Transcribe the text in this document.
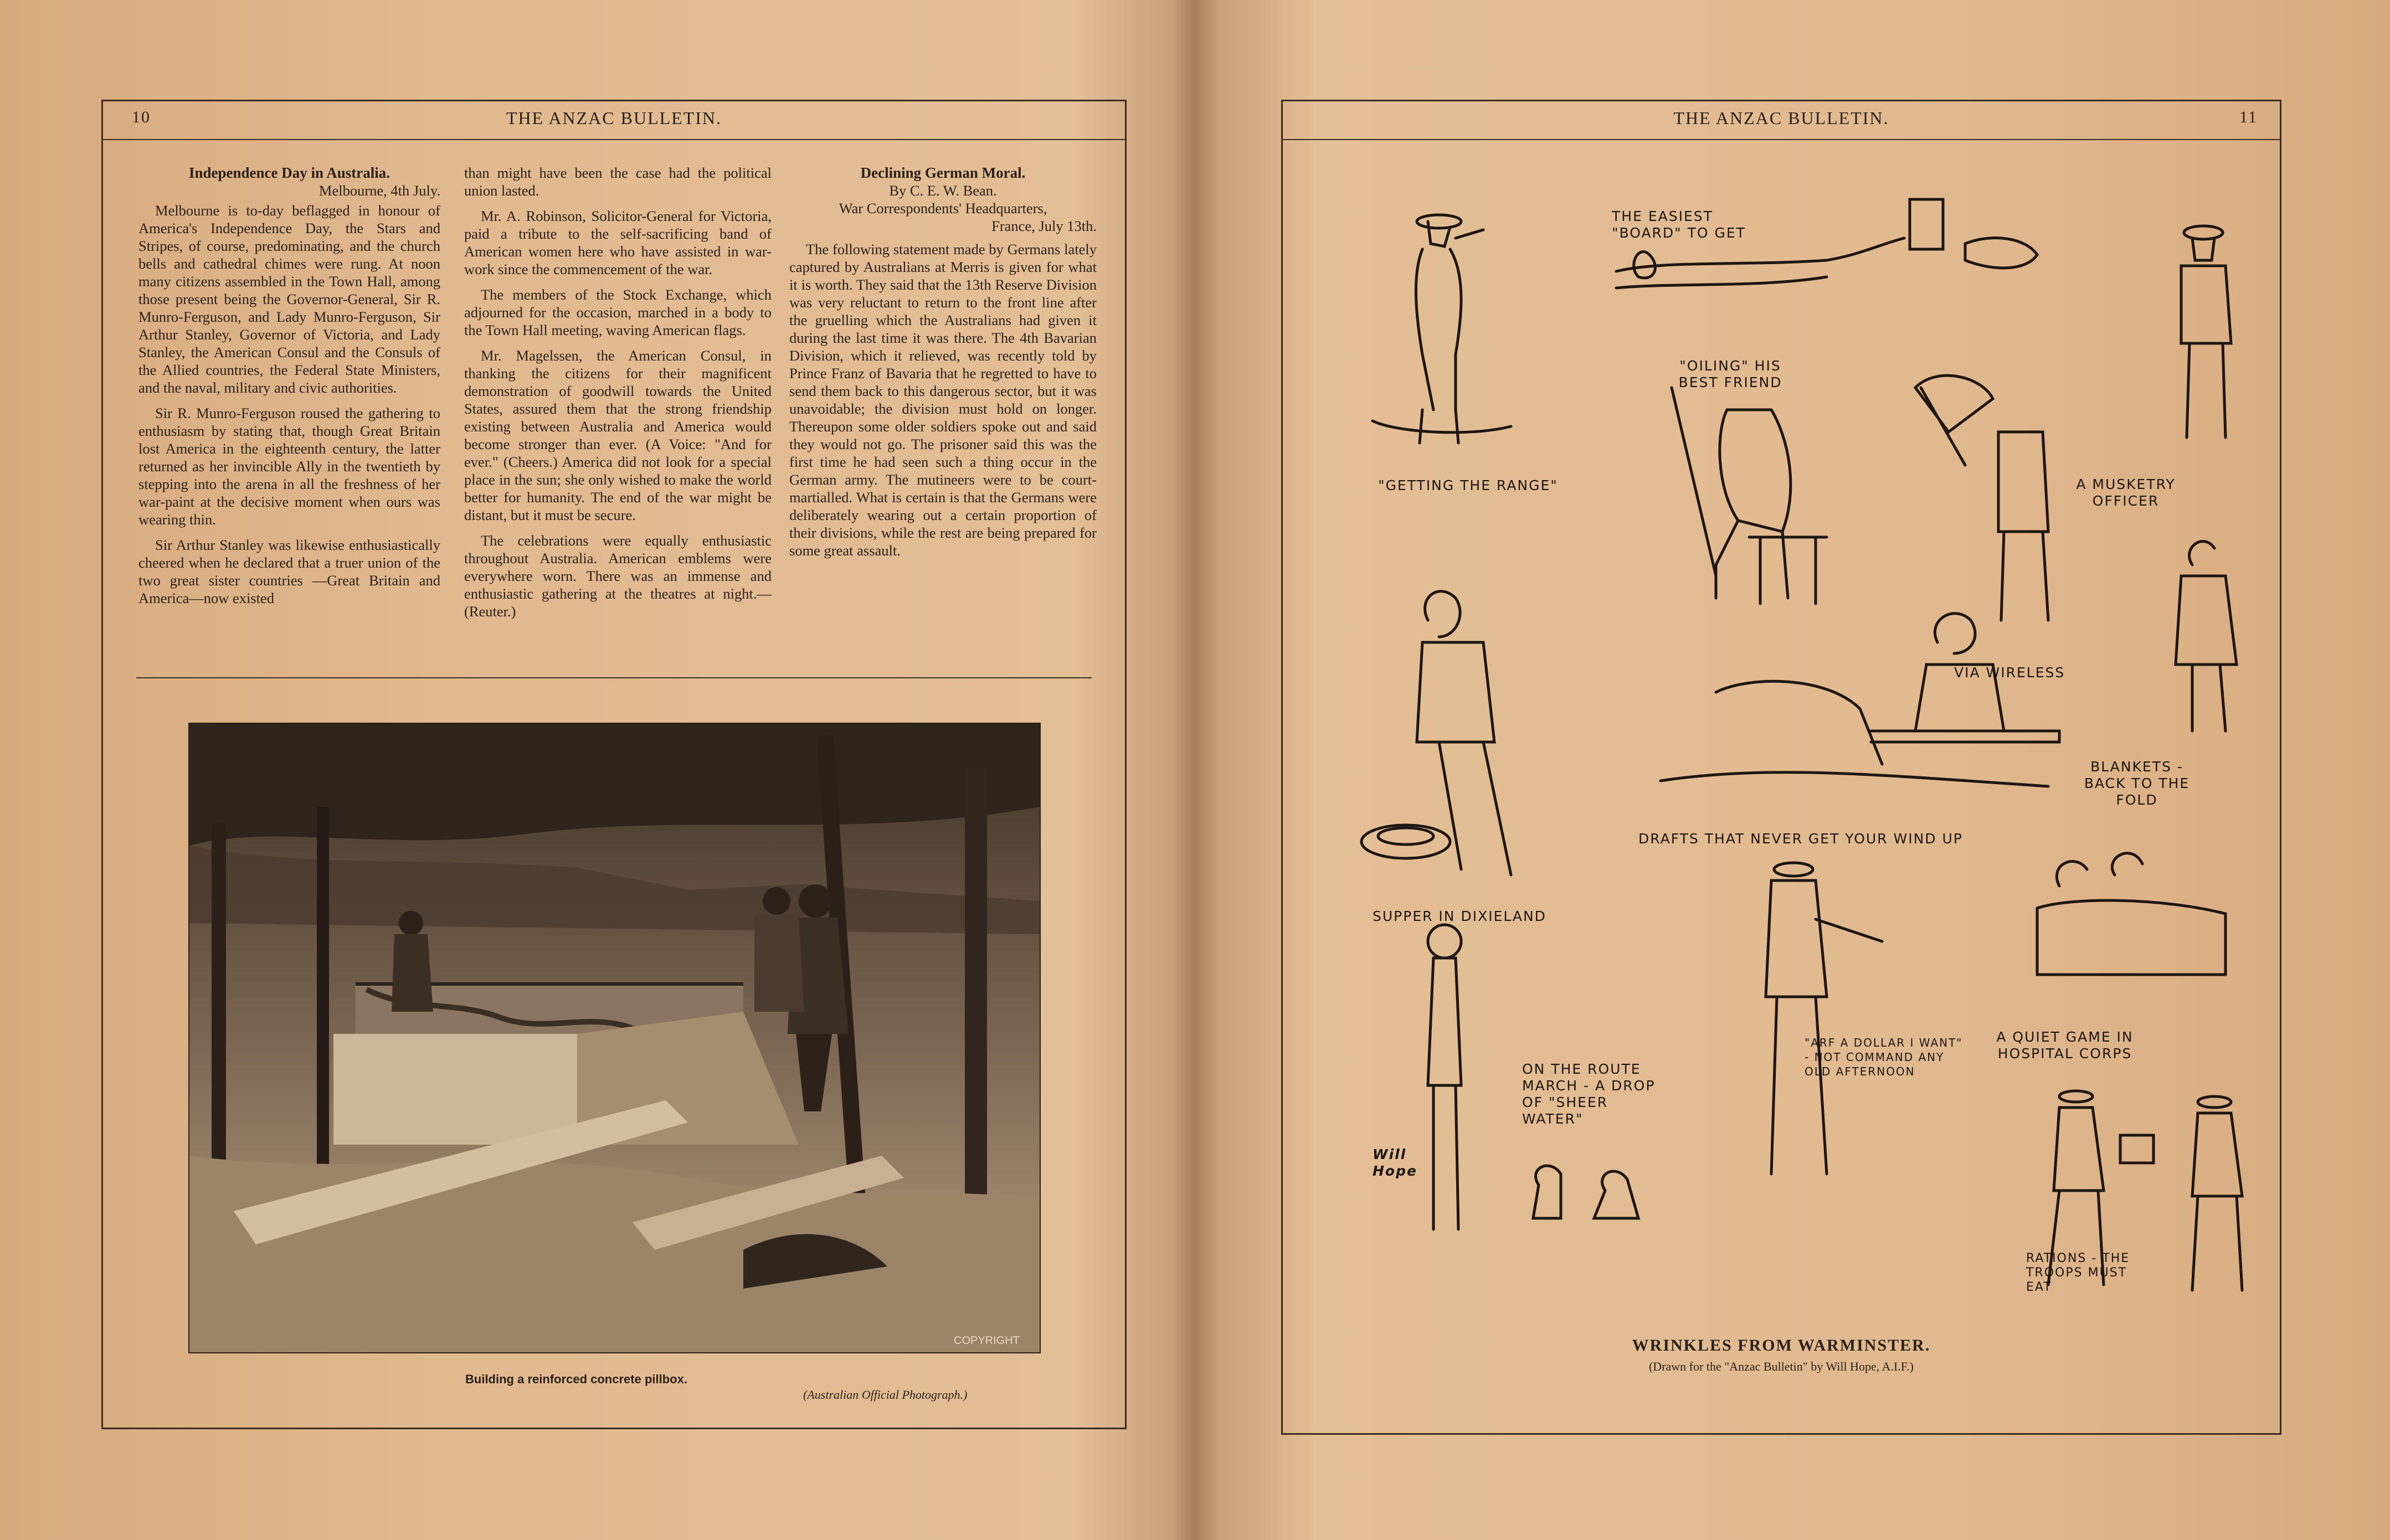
10	THE ANZAC BULLETIN.
Independence Day in Australia.
Melbourne, 4th July.

Melbourne is to-day beflagged in honour of America's Independence Day, the Stars and Stripes, of course, predominating, and the church bells and cathedral chimes were rung. At noon many citizens assembled in the Town Hall, among those present being the Governor-General, Sir R. Munro-Ferguson, and Lady Munro-Ferguson, Sir Arthur Stanley, Governor of Victoria, and Lady Stanley, the American Consul and the Consuls of the Allied countries, the Federal State Ministers, and the naval, military and civic authorities.

Sir R. Munro-Ferguson roused the gathering to enthusiasm by stating that, though Great Britain lost America in the eighteenth century, the latter returned as her invincible Ally in the twentieth by stepping into the arena in all the freshness of her war-paint at the decisive moment when ours was wearing thin.

Sir Arthur Stanley was likewise enthusiastically cheered when he declared that a truer union of the two great sister countries —Great Britain and America—now existed

than might have been the case had the political union lasted.

Mr. A. Robinson, Solicitor-General for Victoria, paid a tribute to the self-sacrificing band of American women here who have assisted in war-work since the commencement of the war.

The members of the Stock Exchange, which adjourned for the occasion, marched in a body to the Town Hall meeting, waving American flags.

Mr. Magelssen, the American Consul, in thanking the citizens for their magnificent demonstration of goodwill towards the United States, assured them that the strong friendship existing between Australia and America would become stronger than ever. (A Voice: "And for ever." (Cheers.) America did not look for a special place in the sun; she only wished to make the world better for humanity. The end of the war might be distant, but it must be secure.

The celebrations were equally enthusiastic throughout Australia. American emblems were everywhere worn. There was an immense and enthusiastic gathering at the theatres at night.—(Reuter.)

Declining German Moral.
By C. E. W. Bean.
War Correspondents' Headquarters,
France, July 13th.

The following statement made by Germans lately captured by Australians at Merris is given for what it is worth. They said that the 13th Reserve Division was very reluctant to return to the front line after the gruelling which the Australians had given it during the last time it was there. The 4th Bavarian Division, which it relieved, was recently told by Prince Franz of Bavaria that he regretted to have to send them back to this dangerous sector, but it was unavoidable; the division must hold on longer. Thereupon some older soldiers spoke out and said they would not go. The prisoner said this was the first time he had seen such a thing occur in the German army. The mutineers were to be court-martialled. What is certain is that the Germans were deliberately wearing out a certain proportion of their divisions, while the rest are being prepared for some great assault.

COPYRIGHT
Building a reinforced concrete pillbox.
(Australian Official Photograph.)
THE ANZAC BULLETIN.	11
WRINKLES FROM WARMINSTER.
(Drawn for the "Anzac Bulletin" by Will Hope, A.I.F.)
THE EASIEST "BOARD" TO GET
"GETTING THE RANGE"
"OILING" HIS BEST FRIEND
A MUSKETRY OFFICER
VIA WIRELESS
BLANKETS - BACK TO THE FOLD
DRAFTS THAT NEVER GET YOUR WIND UP
SUPPER IN DIXIELAND
A QUIET GAME IN HOSPITAL CORPS
ON THE ROUTE MARCH - A DROP OF "SHEER WATER"
"ARF A DOLLAR I WANT" - NOT COMMAND ANY OLD AFTERNOON
RATIONS - THE TROOPS MUST EAT
Will Hope
